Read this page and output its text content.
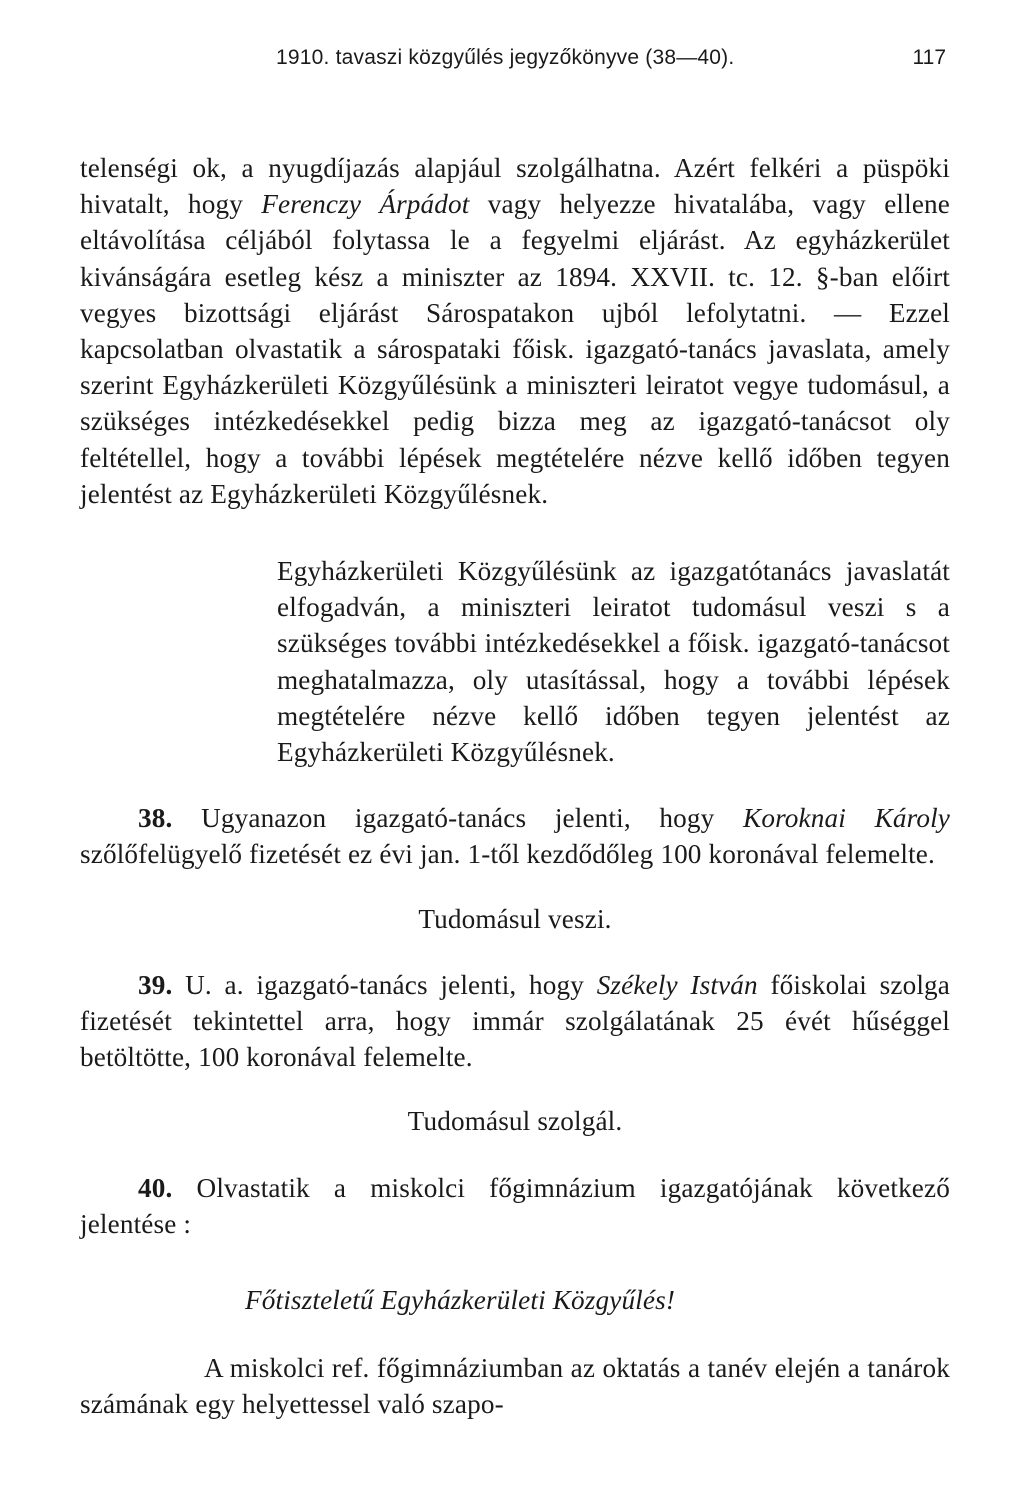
1910. tavaszi közgyűlés jegyzőkönyve (38—40).	117

telenségi ok, a nyugdíjazás alapjául szolgálhatna. Azért felkéri a püspöki hivatalt, hogy Ferenczy Árpádot vagy helyezze hivatalába, vagy ellene eltávolítása céljából folytassa le a fegyelmi eljárást. Az egyházkerület kivánságára esetleg kész a miniszter az 1894. XXVII. tc. 12. §-ban előirt vegyes bizottsági eljárást Sárospatakon ujból lefolytatni. — Ezzel kapcsolatban olvastatik a sárospataki főisk. igazgató-tanács javaslata, amely szerint Egyházkerületi Közgyűlésünk a miniszteri leiratot vegye tudomásul, a szükséges intézkedésekkel pedig bizza meg az igazgató-tanácsot oly feltétellel, hogy a további lépések megtételére nézve kellő időben tegyen jelentést az Egyházkerületi Közgyűlésnek.

Egyházkerületi Közgyűlésünk az igazgatótanács javaslatát elfogadván, a miniszteri leiratot tudomásul veszi s a szükséges további intézkedésekkel a főisk. igazgató-tanácsot meghatalmazza, oly utasítással, hogy a további lépések megtételére nézve kellő időben tegyen jelentést az Egyházkerületi Közgyűlésnek.

38. Ugyanazon igazgató-tanács jelenti, hogy Koroknai Károly szőlőfelügyelő fizetését ez évi jan. 1-től kezdődőleg 100 koronával felemelte.

Tudomásul veszi.

39. U. a. igazgató-tanács jelenti, hogy Székely István főiskolai szolga fizetését tekintettel arra, hogy immár szolgálatának 25 évét hűséggel betöltötte, 100 koronával felemelte.

Tudomásul szolgál.

40. Olvastatik a miskolci főgimnázium igazgatójának következő jelentése :

Főtiszteletű Egyházkerületi Közgyűlés!

A miskolci ref. főgimnáziumban az oktatás a tanév elején a tanárok számának egy helyettessel való szapo-
